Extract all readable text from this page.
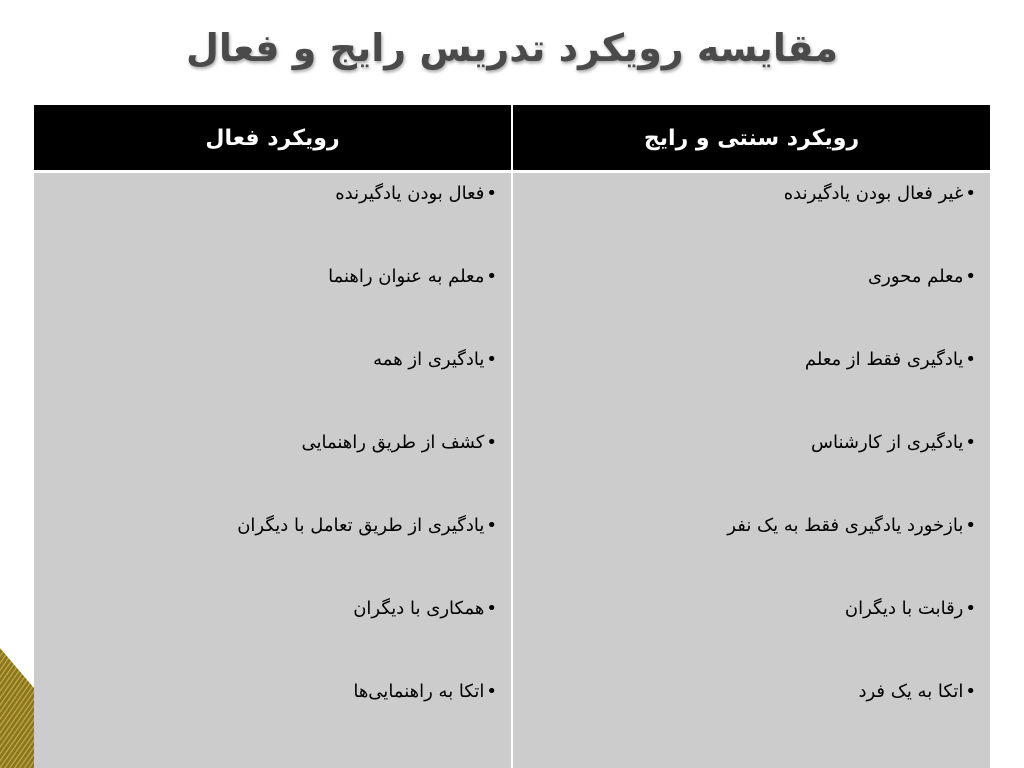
مقایسه رویکرد تدریس رایج و فعال
رویکرد سنتی و رایج
•غیر فعال بودن یادگیرنده
•معلم محوری
•یادگیری فقط از معلم
•یادگیری از کارشناس
•بازخورد یادگیری فقط به یک نفر
•رقابت با دیگران
•اتکا به یک فرد
رویکرد فعال
•فعال بودن یادگیرنده
•معلم به عنوان راهنما
•یادگیری از همه
•کشف از طریق راهنمایی
•یادگیری از طریق تعامل با دیگران
•همکاری با دیگران
•اتکا به راهنمایی‌ها
